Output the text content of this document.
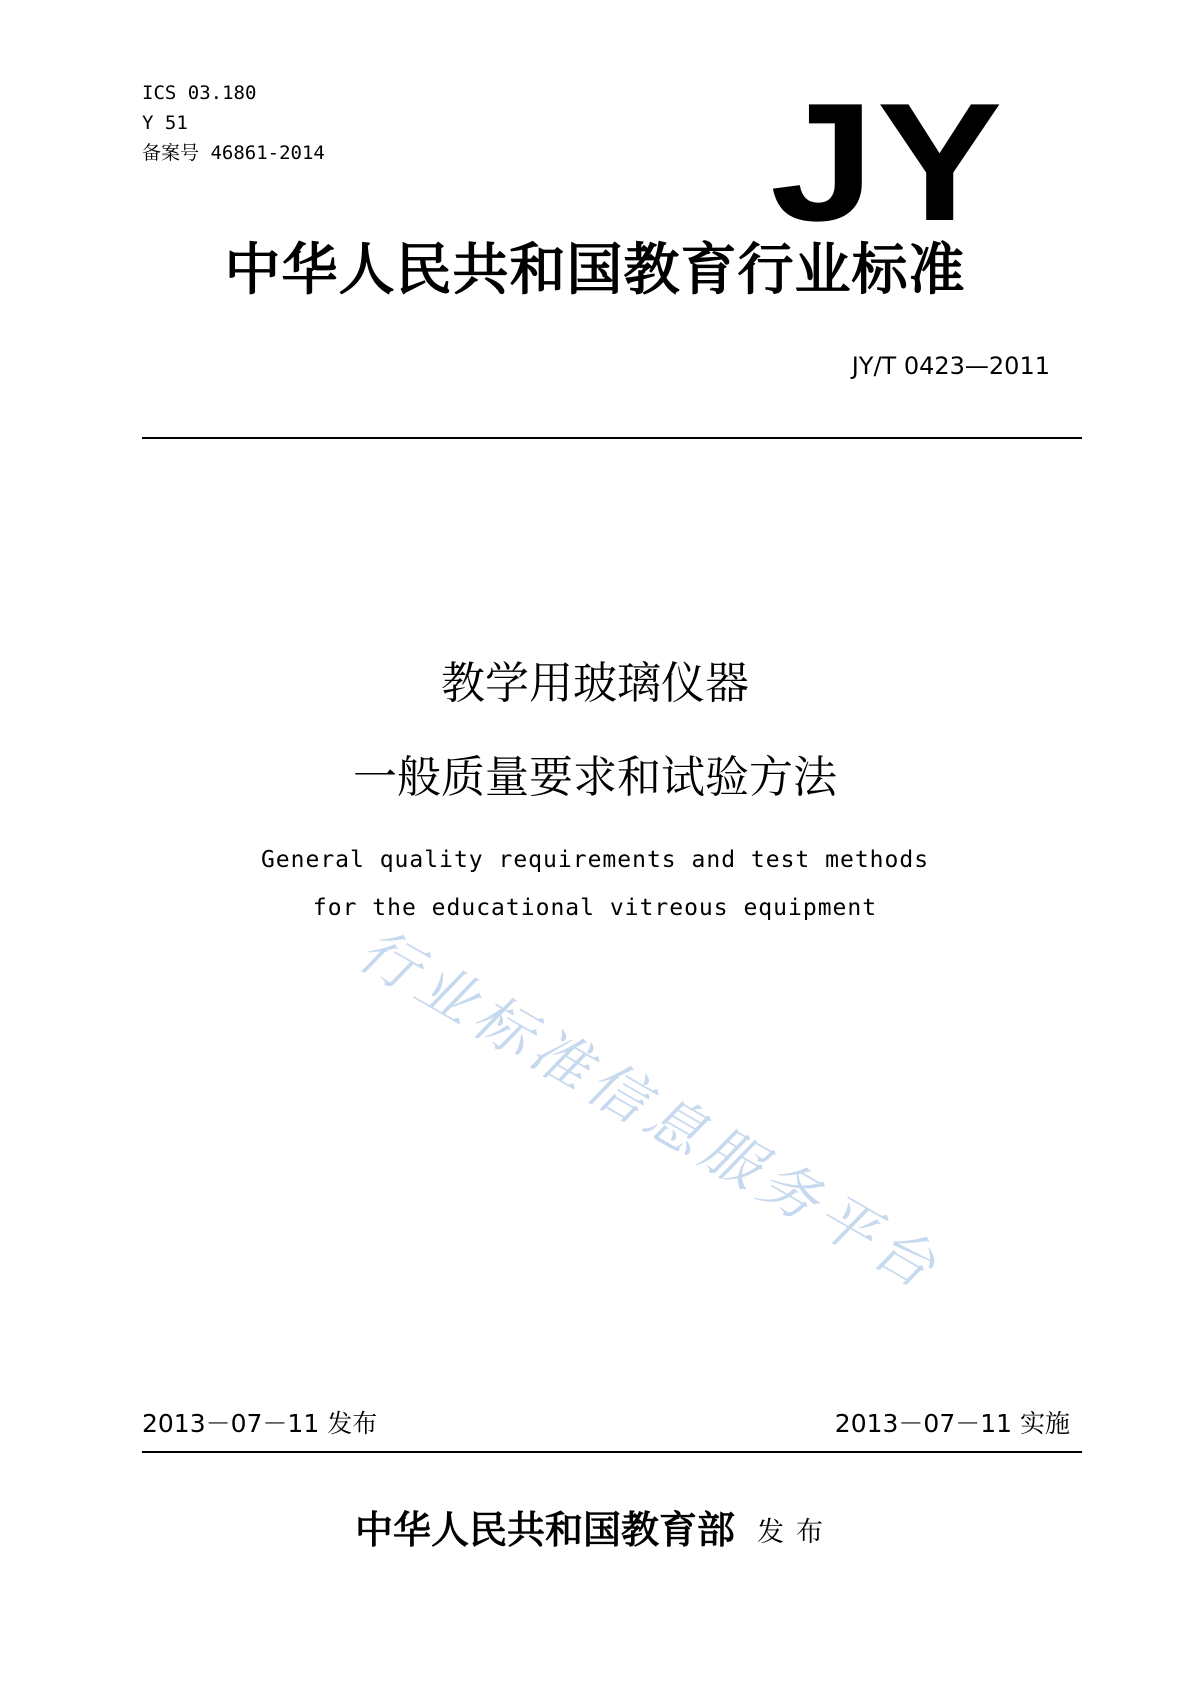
ICS 03.180
Y 51
备案号 46861-2014	JY
中华人民共和国教育行业标准
JY/T 0423—2011
教学用玻璃仪器
一般质量要求和试验方法
General quality requirements and test methods
for the educational vitreous equipment
行业标准信息服务平台
2013－07－11 发布	2013－07－11 实施
中华人民共和国教育部 发布
